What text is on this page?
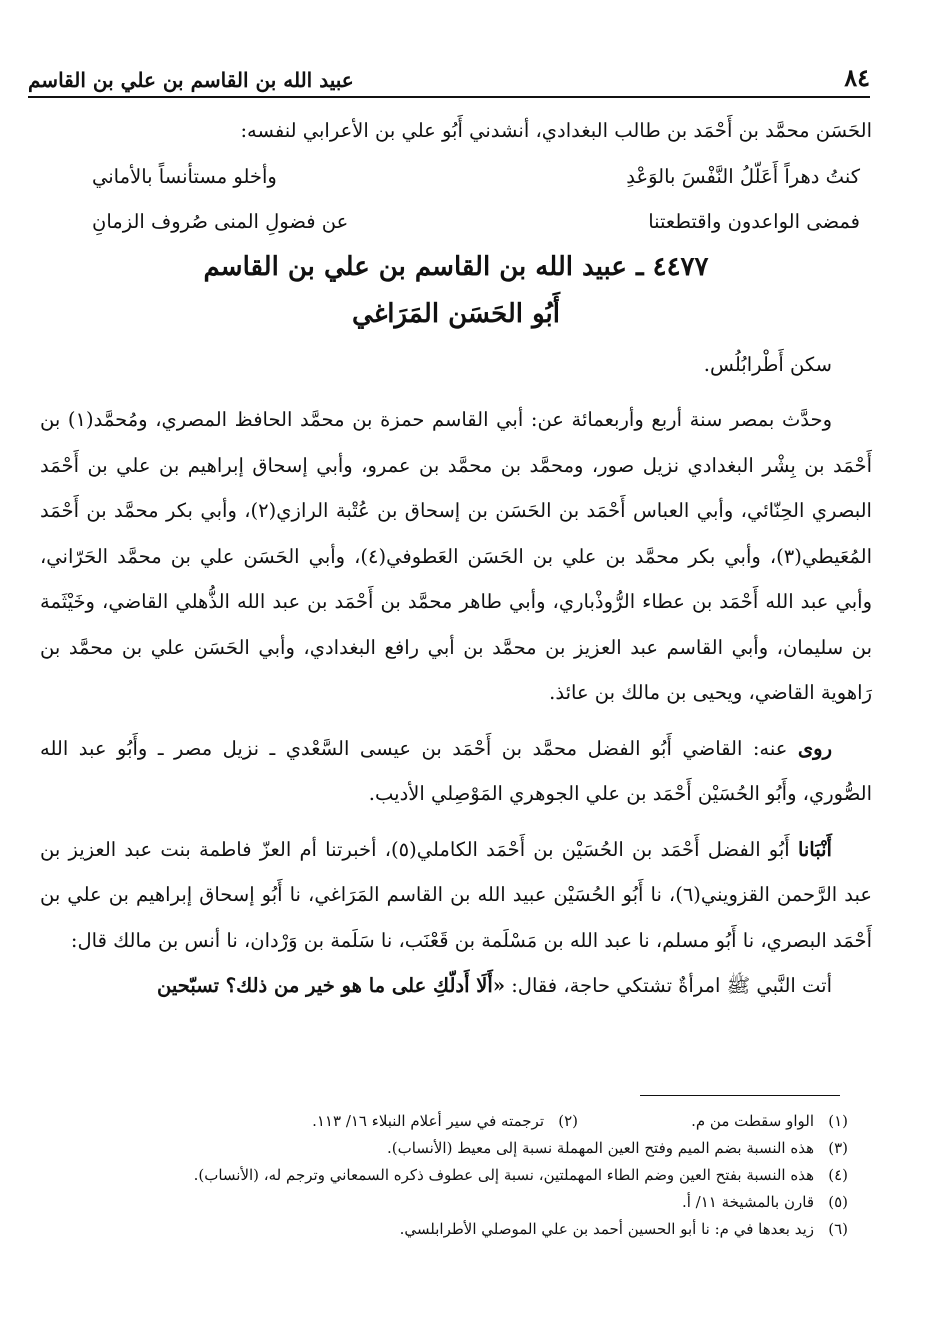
٨٤
عبيد الله بن القاسم بن علي بن القاسم

الحَسَن محمَّد بن أَحْمَد بن طالب البغدادي، أنشدني أَبُو علي بن الأعرابي لنفسه:

كنتُ دهراً أَعَلّلُ النَّفْسَ بالوَعْدِ
وأخلو مستأنساً بالأماني
فمضى الواعدون واقتطعتنا
عن فضولِ المنى صُروف الزمانِ
٤٤٧٧ ـ عبيد الله بن القاسم بن علي بن القاسم
أَبُو الحَسَن المَرَاغي

سكن أَطْرابُلُس.

وحدَّث بمصر سنة أربع وأربعمائة عن: أبي القاسم حمزة بن محمَّد الحافظ المصري، ومُحمَّد(١) بن أَحْمَد بن بِشْر البغدادي نزيل صور، ومحمَّد بن محمَّد بن عمرو، وأبي إسحاق إبراهيم بن علي بن أَحْمَد البصري الحِنّائي، وأبي العباس أَحْمَد بن الحَسَن بن إسحاق بن عُتْبة الرازي(٢)، وأبي بكر محمَّد بن أَحْمَد المُعَيطي(٣)، وأبي بكر محمَّد بن علي بن الحَسَن العَطوفي(٤)، وأبي الحَسَن علي بن محمَّد الحَرّاني، وأبي عبد الله أَحْمَد بن عطاء الرُّوذْباري، وأبي طاهر محمَّد بن أَحْمَد بن عبد الله الذُّهلي القاضي، وخَيْثَمة بن سليمان، وأبي القاسم عبد العزيز بن محمَّد بن أبي رافع البغدادي، وأبي الحَسَن علي بن محمَّد بن رَاهوية القاضي، ويحيى بن مالك بن عائذ.

روى عنه: القاضي أَبُو الفضل محمَّد بن أَحْمَد بن عيسى السَّعْدي ـ نزيل مصر ـ وأَبُو عبد الله الصُّوري، وأَبُو الحُسَيْن أَحْمَد بن علي الجوهري المَوْصِلي الأديب.

أَنْبَانا أَبُو الفضل أَحْمَد بن الحُسَيْن بن أَحْمَد الكاملي(٥)، أخبرتنا أم العزّ فاطمة بنت عبد العزيز بن عبد الرَّحمن القزويني(٦)، نا أَبُو الحُسَيْن عبيد الله بن القاسم المَرَاغي، نا أَبُو إسحاق إبراهيم بن علي بن أَحْمَد البصري، نا أَبُو مسلم، نا عبد الله بن مَسْلَمة بن قَعْنَب، نا سَلَمة بن وَرْدان، نا أنس بن مالك قال:

أتت النَّبي ﷺ امرأةٌ تشتكي حاجة، فقال: «أَلَا أَدلّكِ على ما هو خير من ذلك؟ تسبّحين

(١)
الواو سقطت من م.
(٢)
ترجمته في سير أعلام النبلاء ١٦/ ١١٣.
(٣)
هذه النسبة بضم الميم وفتح العين المهملة نسبة إلى معيط (الأنساب).
(٤)
هذه النسبة بفتح العين وضم الطاء المهملتين، نسبة إلى عطوف ذكره السمعاني وترجم له، (الأنساب).
(٥)
قارن بالمشيخة ١١/ أ.
(٦)
زيد بعدها في م: نا أبو الحسين أحمد بن علي الموصلي الأطرابلسي.
